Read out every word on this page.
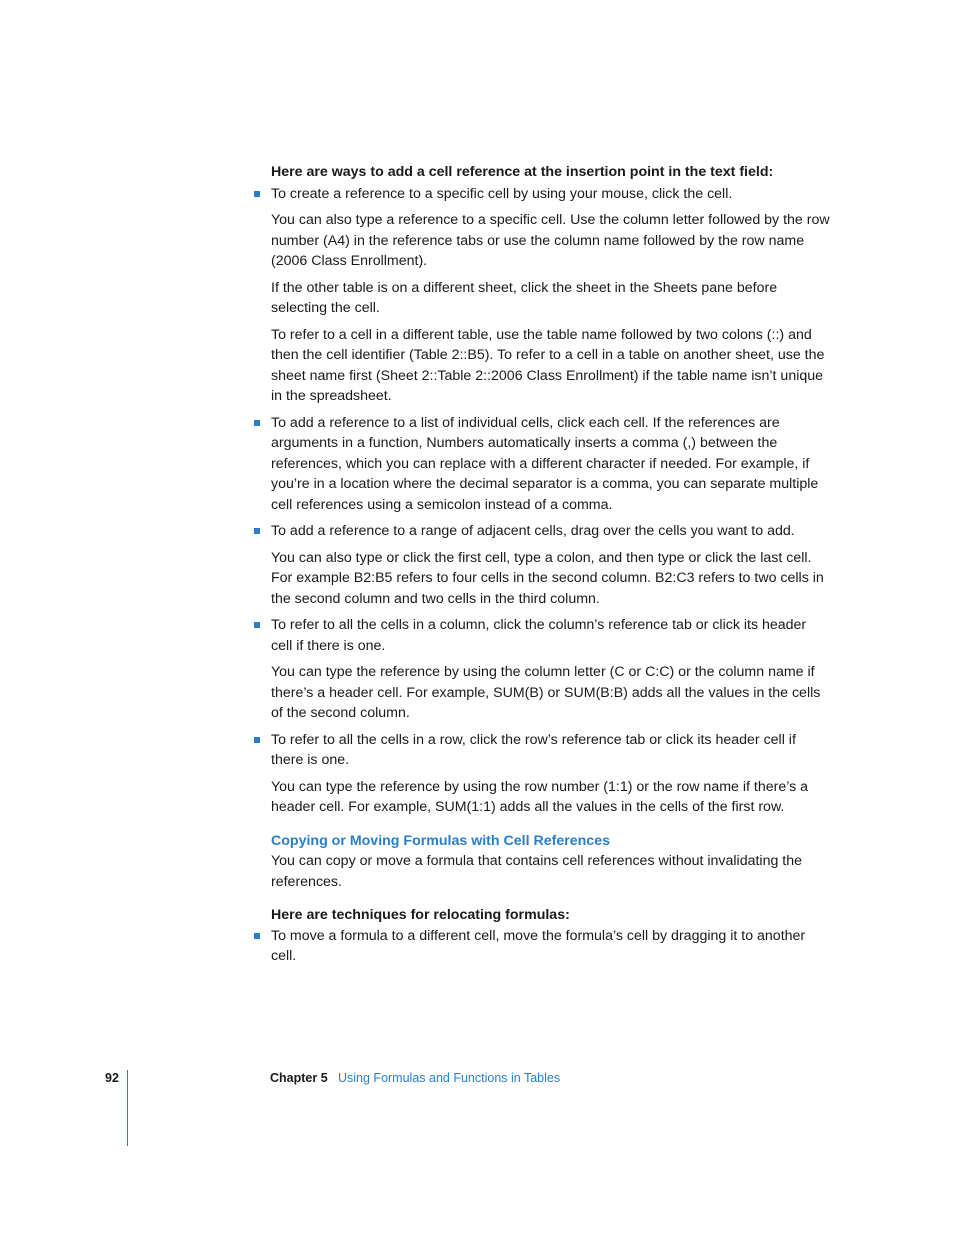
Here are ways to add a cell reference at the insertion point in the text field:

To create a reference to a specific cell by using your mouse, click the cell.

You can also type a reference to a specific cell. Use the column letter followed by the row number (A4) in the reference tabs or use the column name followed by the row name (2006 Class Enrollment).

If the other table is on a different sheet, click the sheet in the Sheets pane before selecting the cell.

To refer to a cell in a different table, use the table name followed by two colons (::) and then the cell identifier (Table 2::B5). To refer to a cell in a table on another sheet, use the sheet name first (Sheet 2::Table 2::2006 Class Enrollment) if the table name isn’t unique in the spreadsheet.

To add a reference to a list of individual cells, click each cell. If the references are arguments in a function, Numbers automatically inserts a comma (,) between the references, which you can replace with a different character if needed. For example, if you’re in a location where the decimal separator is a comma, you can separate multiple cell references using a semicolon instead of a comma.
To add a reference to a range of adjacent cells, drag over the cells you want to add.

You can also type or click the first cell, type a colon, and then type or click the last cell. For example B2:B5 refers to four cells in the second column. B2:C3 refers to two cells in the second column and two cells in the third column.

To refer to all the cells in a column, click the column’s reference tab or click its header cell if there is one.

You can type the reference by using the column letter (C or C:C) or the column name if there’s a header cell. For example, SUM(B) or SUM(B:B) adds all the values in the cells of the second column.

To refer to all the cells in a row, click the row’s reference tab or click its header cell if there is one.

You can type the reference by using the row number (1:1) or the row name if there’s a header cell. For example, SUM(1:1) adds all the values in the cells of the first row.

Copying or Moving Formulas with Cell References

You can copy or move a formula that contains cell references without invalidating the references.

Here are techniques for relocating formulas:

To move a formula to a different cell, move the formula’s cell by dragging it to another cell.
92	Chapter 5 Using Formulas and Functions in Tables
